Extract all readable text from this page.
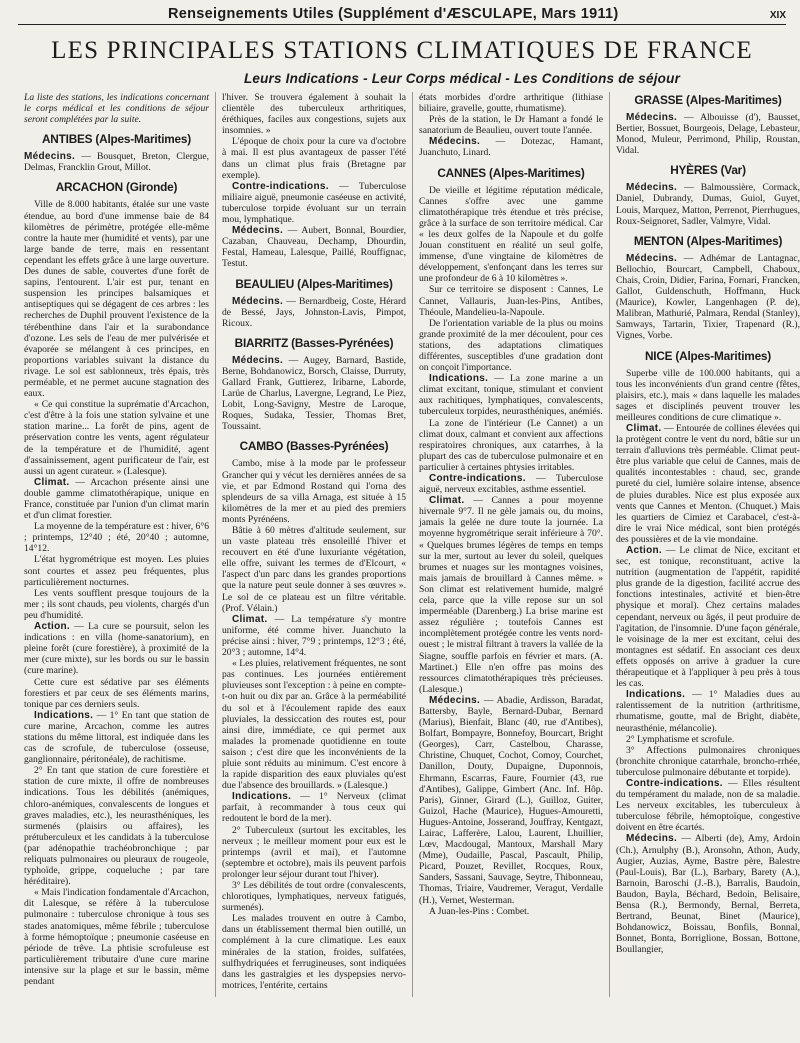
Renseignements Utiles (Supplément d'ÆSCULAPE, Mars 1911)	XIX
LES PRINCIPALES STATIONS CLIMATIQUES DE FRANCE
Leurs Indications - Leur Corps médical - Les Conditions de séjour

La liste des stations, les indications concernant le corps médical et les conditions de séjour seront complétées par la suite.

ANTIBES (Alpes-Maritimes)

Médecins. — Bousquet, Breton, Clergue, Delmas, Francklin Grout, Millot.

ARCACHON (Gironde)

Ville de 8.000 habitants, étalée sur une vaste étendue, au bord d'une immense baie de 84 kilomètres de périmètre, protégée elle-même contre la haute mer (humidité et vents), par une large bande de terre, mais en ressentant cependant les effets grâce à une large ouverture. Des dunes de sable, couvertes d'une forêt de sapins, l'entourent. L'air est pur, tenant en suspension les principes balsamiques et antiseptiques qui se dégagent de ces arbres : les recherches de Duphil prouvent l'existence de la térébenthine dans l'air et la surabondance d'ozone. Les sels de l'eau de mer pulvérisée et évaporée se mélangent à ces principes, en proportions variables suivant la distance du rivage. Le sol est sablonneux, très épais, très perméable, et ne permet aucune stagnation des eaux.

« Ce qui constitue la suprématie d'Arcachon, c'est d'être à la fois une station sylvaine et une station marine... La forêt de pins, agent de préservation contre les vents, agent régulateur de la température et de l'humidité, agent d'assainissement, agent purificateur de l'air, est aussi un agent curateur. » (Lalesque).

Climat. — Arcachon présente ainsi une double gamme climatothérapique, unique en France, constituée par l'union d'un climat marin et d'un climat forestier.

La moyenne de la température est : hiver, 6°6 ; printemps, 12°40 ; été, 20°40 ; automne, 14°12.

L'état hygrométrique est moyen. Les pluies sont courtes et assez peu fréquentes, plus particulièrement nocturnes.

Les vents soufflent presque toujours de la mer ; ils sont chauds, peu violents, chargés d'un peu d'humidité.

Action. — La cure se poursuit, selon les indications : en villa (home-sanatorium), en pleine forêt (cure forestière), à proximité de la mer (cure mixte), sur les bords ou sur le bassin (cure marine).

Cette cure est sédative par ses éléments forestiers et par ceux de ses éléments marins, tonique par ces derniers seuls.

Indications. — 1° En tant que station de cure marine, Arcachon, comme les autres stations du même littoral, est indiquée dans les cas de scrofule, de tuberculose (osseuse, ganglionnaire, péritonéale), de rachitisme.

2° En tant que station de cure forestière et station de cure mixte, il offre de nombreuses indications. Tous les débilités (anémiques, chloro-anémiques, convalescents de longues et graves maladies, etc.), les neurasthéniques, les surmenés (plaisirs ou affaires), les prétuberculeux et les candidats à la tuberculose (par adénopathie trachéobronchique ; par reliquats pulmonaires ou pleuraux de rougeole, typhoïde, grippe, coqueluche ; par tare héréditaire).

« Mais l'indication fondamentale d'Arcachon, dit Lalesque, se réfère à la tuberculose pulmonaire : tuberculose chronique à tous ses stades anatomiques, même fébrile ; tuberculose à forme hémoptoïque ; pneumonie caséeuse en période de trêve. La phtisie scrofuleuse est particulièrement tributaire d'une cure marine intensive sur la plage et sur le bassin, même pendant

l'hiver. Se trouvera également à souhait la clientèle des tuberculeux arthritiques, éréthiques, faciles aux congestions, sujets aux insomnies. »

L'époque de choix pour la cure va d'octobre à mai. Il est plus avantageux de passer l'été dans un climat plus frais (Bretagne par exemple).

Contre-indications. — Tuberculose miliaire aiguë, pneumonie caséeuse en activité, tuberculose torpide évoluant sur un terrain mou, lymphatique.

Médecins. — Aubert, Bonnal, Bourdier, Cazaban, Chauveau, Dechamp, Dhourdin, Festal, Hameau, Lalesque, Paillé, Rouffignac, Testut.

BEAULIEU (Alpes-Maritimes)

Médecins. — Bernardbeig, Coste, Hérard de Bessé, Jays, Johnston-Lavis, Pimpot, Ricoux.

BIARRITZ (Basses-Pyrénées)

Médecins. — Augey, Barnard, Bastide, Berne, Bohdanowicz, Borsch, Claisse, Durruty, Gallard Frank, Guttierez, Iribarne, Laborde, Larüe de Charlus, Lavergne, Legrand, Le Piez, Lobit, Long-Savigny, Mestre de Laroque, Roques, Sudaka, Tessier, Thomas Bret, Toussaint.

CAMBO (Basses-Pyrénées)

Cambo, mise à la mode par le professeur Grancher qui y vécut les dernières années de sa vie, et par Edmond Rostand qui l'orna des splendeurs de sa villa Arnaga, est située à 15 kilomètres de la mer et au pied des premiers monts Pyrénéens.

Bâtie à 60 mètres d'altitude seulement, sur un vaste plateau très ensoleillé l'hiver et recouvert en été d'une luxuriante végétation, elle offre, suivant les termes de d'Elcourt, « l'aspect d'un parc dans les grandes proportions que la nature peut seule donner à ses œuvres ». Le sol de ce plateau est un filtre véritable. (Prof. Vélain.)

Climat. — La température s'y montre uniforme, été comme hiver. Juanchuto la précise ainsi : hiver, 7°9 ; printemps, 12°3 ; été, 20°3 ; automne, 14°4.

« Les pluies, relativement fréquentes, ne sont pas continues. Les journées entièrement pluvieuses sont l'exception : à peine en compte-t-on huit ou dix par an. Grâce à la perméabilité du sol et à l'écoulement rapide des eaux pluviales, la dessiccation des routes est, pour ainsi dire, immédiate, ce qui permet aux malades la promenade quotidienne en toute saison ; c'est dire que les inconvénients de la pluie sont réduits au minimum. C'est encore à la rapide disparition des eaux pluviales qu'est due l'absence des brouillards. » (Lalesque.)

Indications. — 1° Nerveux (climat parfait, à recommander à tous ceux qui redoutent le bord de la mer).

2° Tuberculeux (surtout les excitables, les nerveux ; le meilleur moment pour eux est le printemps (avril et mai), et l'automne (septembre et octobre), mais ils peuvent parfois prolonger leur séjour durant tout l'hiver).

3° Les débilités de tout ordre (convalescents, chlorotiques, lymphatiques, nerveux fatigués, surmenés).

Les malades trouvent en outre à Cambo, dans un établissement thermal bien outillé, un complément à la cure climatique. Les eaux minérales de la station, froides, sulfatées, sulfhydriquées et ferrugineuses, sont indiquées dans les gastralgies et les dyspepsies nervo-motrices, l'entérite, certains

états morbides d'ordre arthritique (lithiase biliaire, gravelle, goutte, rhumatisme).

Près de la station, le Dr Hamant a fondé le sanatorium de Beaulieu, ouvert toute l'année.

Médecins. — Dotezac, Hamant, Juanchuto, Linard.

CANNES (Alpes-Maritimes)

De vieille et légitime réputation médicale, Cannes s'offre avec une gamme climatothérapique très étendue et très précise, grâce à la surface de son territoire médical. Car « les deux golfes de la Napoule et du golfe Jouan constituent en réalité un seul golfe, immense, d'une vingtaine de kilomètres de développement, s'enfonçant dans les terres sur une profondeur de 6 à 10 kilomètres ».

Sur ce territoire se disposent : Cannes, Le Cannet, Vallauris, Juan-les-Pins, Antibes, Théoule, Mandelieu-la-Napoule.

De l'orientation variable de la plus ou moins grande proximité de la mer découlent, pour ces stations, des adaptations climatiques différentes, susceptibles d'une gradation dont on conçoit l'importance.

Indications. — La zone marine a un climat excitant, tonique, stimulant et convient aux rachitiques, lymphatiques, convalescents, tuberculeux torpides, neurasthéniques, anémiés.

La zone de l'intérieur (Le Cannet) a un climat doux, calmant et convient aux affections respiratoires chroniques, aux catarrhes, à la plupart des cas de tuberculose pulmonaire et en particulier à certaines phtysies irritables.

Contre-indications. — Tuberculose aiguë, nerveux excitables, asthme essentiel.

Climat. — Cannes a pour moyenne hivernale 9°7. Il ne gèle jamais ou, du moins, jamais la gelée ne dure toute la journée. La moyenne hygrométrique serait inférieure à 70°. « Quelques brumes légères de temps en temps sur la mer, surtout au lever du soleil, quelques brumes et nuages sur les montagnes voisines, mais jamais de brouillard à Cannes même. » Son climat est relativement humide, malgré cela, parce que la ville repose sur un sol imperméable (Darenberg.) La brise marine est assez régulière ; toutefois Cannes est incomplètement protégée contre les vents nord-ouest ; le mistral filtrant à travers la vallée de la Siagne, souffle parfois en février et mars. (A. Martinet.) Elle n'en offre pas moins des ressources climatothérapiques très précieuses. (Lalesque.)

Médecins. — Abadie, Ardisson, Baradat, Battersby, Bayle, Bernard-Dubar, Bernard (Marius), Bienfait, Blanc (40, rue d'Antibes), Bolfart, Bompayre, Bonnefoy, Bourcart, Bright (Georges), Carr, Castelbou, Charasse, Christine, Chuquet, Cochot, Comoy, Courchet, Danillon, Douty, Dupaigne, Duponnois, Ehrmann, Escarras, Faure, Fournier (43, rue d'Antibes), Galippe, Gimbert (Anc. Inf. Hôp. Paris), Ginner, Girard (L.), Guilloz, Guiter, Guizol, Hache (Maurice), Hugues-Amouretti, Hugues-Antoine, Josserand, Jouffray, Kentgazt, Lairac, Lafferère, Lalou, Laurent, Lhuillier, Lœv, Macdougal, Mantoux, Marshall Mary (Mme), Oudaille, Pascal, Pascault, Philip, Picard, Pouzet, Revillet, Rocques, Roux, Sanders, Sassani, Sauvage, Seytre, Thibonneau, Thomas, Triaire, Vaudremer, Veragut, Verdalle (H.), Vernet, Westerman.

A Juan-les-Pins : Combet.

GRASSE (Alpes-Maritimes)

Médecins. — Albouisse (d'), Bausset, Bertier, Bossuet, Bourgeois, Delage, Lebasteur, Monod, Muleur, Perrimond, Philip, Roustan, Vidal.

HYÈRES (Var)

Médecins. — Balmoussière, Cormack, Daniel, Dubrandy, Dumas, Guiol, Guyet, Louis, Marquez, Matton, Perrenot, Pierrhugues, Roux-Seignoret, Sadler, Valmyre, Vidal.

MENTON (Alpes-Maritimes)

Médecins. — Adhémar de Lantagnac, Bellochio, Bourcart, Campbell, Chaboux, Chais, Croin, Didier, Farina, Fornari, Francken, Gallot, Guldenschuth, Hoffmann, Huck (Maurice), Kowler, Langenhagen (P. de), Malibran, Mathurié, Palmara, Rendal (Stanley), Samways, Tartarin, Tixier, Trapenard (R.), Vignes, Vorbe.

NICE (Alpes-Maritimes)

Superbe ville de 100.000 habitants, qui a tous les inconvénients d'un grand centre (fêtes, plaisirs, etc.), mais « dans laquelle les malades sages et disciplinés peuvent trouver les meilleures conditions de cure climatique ».

Climat. — Entourée de collines élevées qui la protègent contre le vent du nord, bâtie sur un terrain d'alluvions très perméable. Climat peut-être plus variable que celui de Cannes, mais de qualités incontestables : chaud, sec, grande pureté du ciel, lumière solaire intense, absence de pluies durables. Nice est plus exposée aux vents que Cannes et Menton. (Chuquet.) Mais les quartiers de Cimiez et Carabacel, c'est-à-dire le vrai Nice médical, sont bien protégés des poussières et de la vie mondaine.

Action. — Le climat de Nice, excitant et sec, est tonique, reconstituant, active la nutrition (augmentation de l'appétit, rapidité plus grande de la digestion, facilité accrue des fonctions intestinales, activité et bien-être physique et moral). Chez certains malades cependant, nerveux ou âgés, il peut produire de l'agitation, de l'insomnie. D'une façon générale, le voisinage de la mer est excitant, celui des montagnes est sédatif. En associant ces deux effets opposés on arrive à graduer la cure thérapeutique et à l'appliquer à peu près à tous les cas.

Indications. — 1° Maladies dues au ralentissement de la nutrition (arthritisme, rhumatisme, goutte, mal de Bright, diabète, neurasthénie, mélancolie).

2° Lymphatisme et scrofule.

3° Affections pulmonaires chroniques (bronchite chronique catarrhale, broncho-rrhée, tuberculose pulmonaire débutante et torpide).

Contre-indications. — Elles résultent du tempérament du malade, non de sa maladie. Les nerveux excitables, les tuberculeux à tuberculose fébrile, hémoptoïque, congestive doivent en être écartés.

Médecins. — Alberti (de), Amy, Ardoin (Ch.), Arnulphy (B.), Aronsohn, Athon, Audy, Augier, Auzias, Ayme, Bastre père, Balestre (Paul-Louis), Bar (L.), Barbary, Barety (A.), Barnoin, Baroschi (J.-B.), Barralis, Baudoin, Baudon, Bayla, Béchard, Bedoin, Belisaire, Bensa (R.), Bermondy, Bernal, Berreta, Bertrand, Beunat, Binet (Maurice), Bohdanowicz, Boissau, Bonfils, Bonnal, Bonnet, Bonta, Borriglione, Bossan, Bottone, Boullangier,
